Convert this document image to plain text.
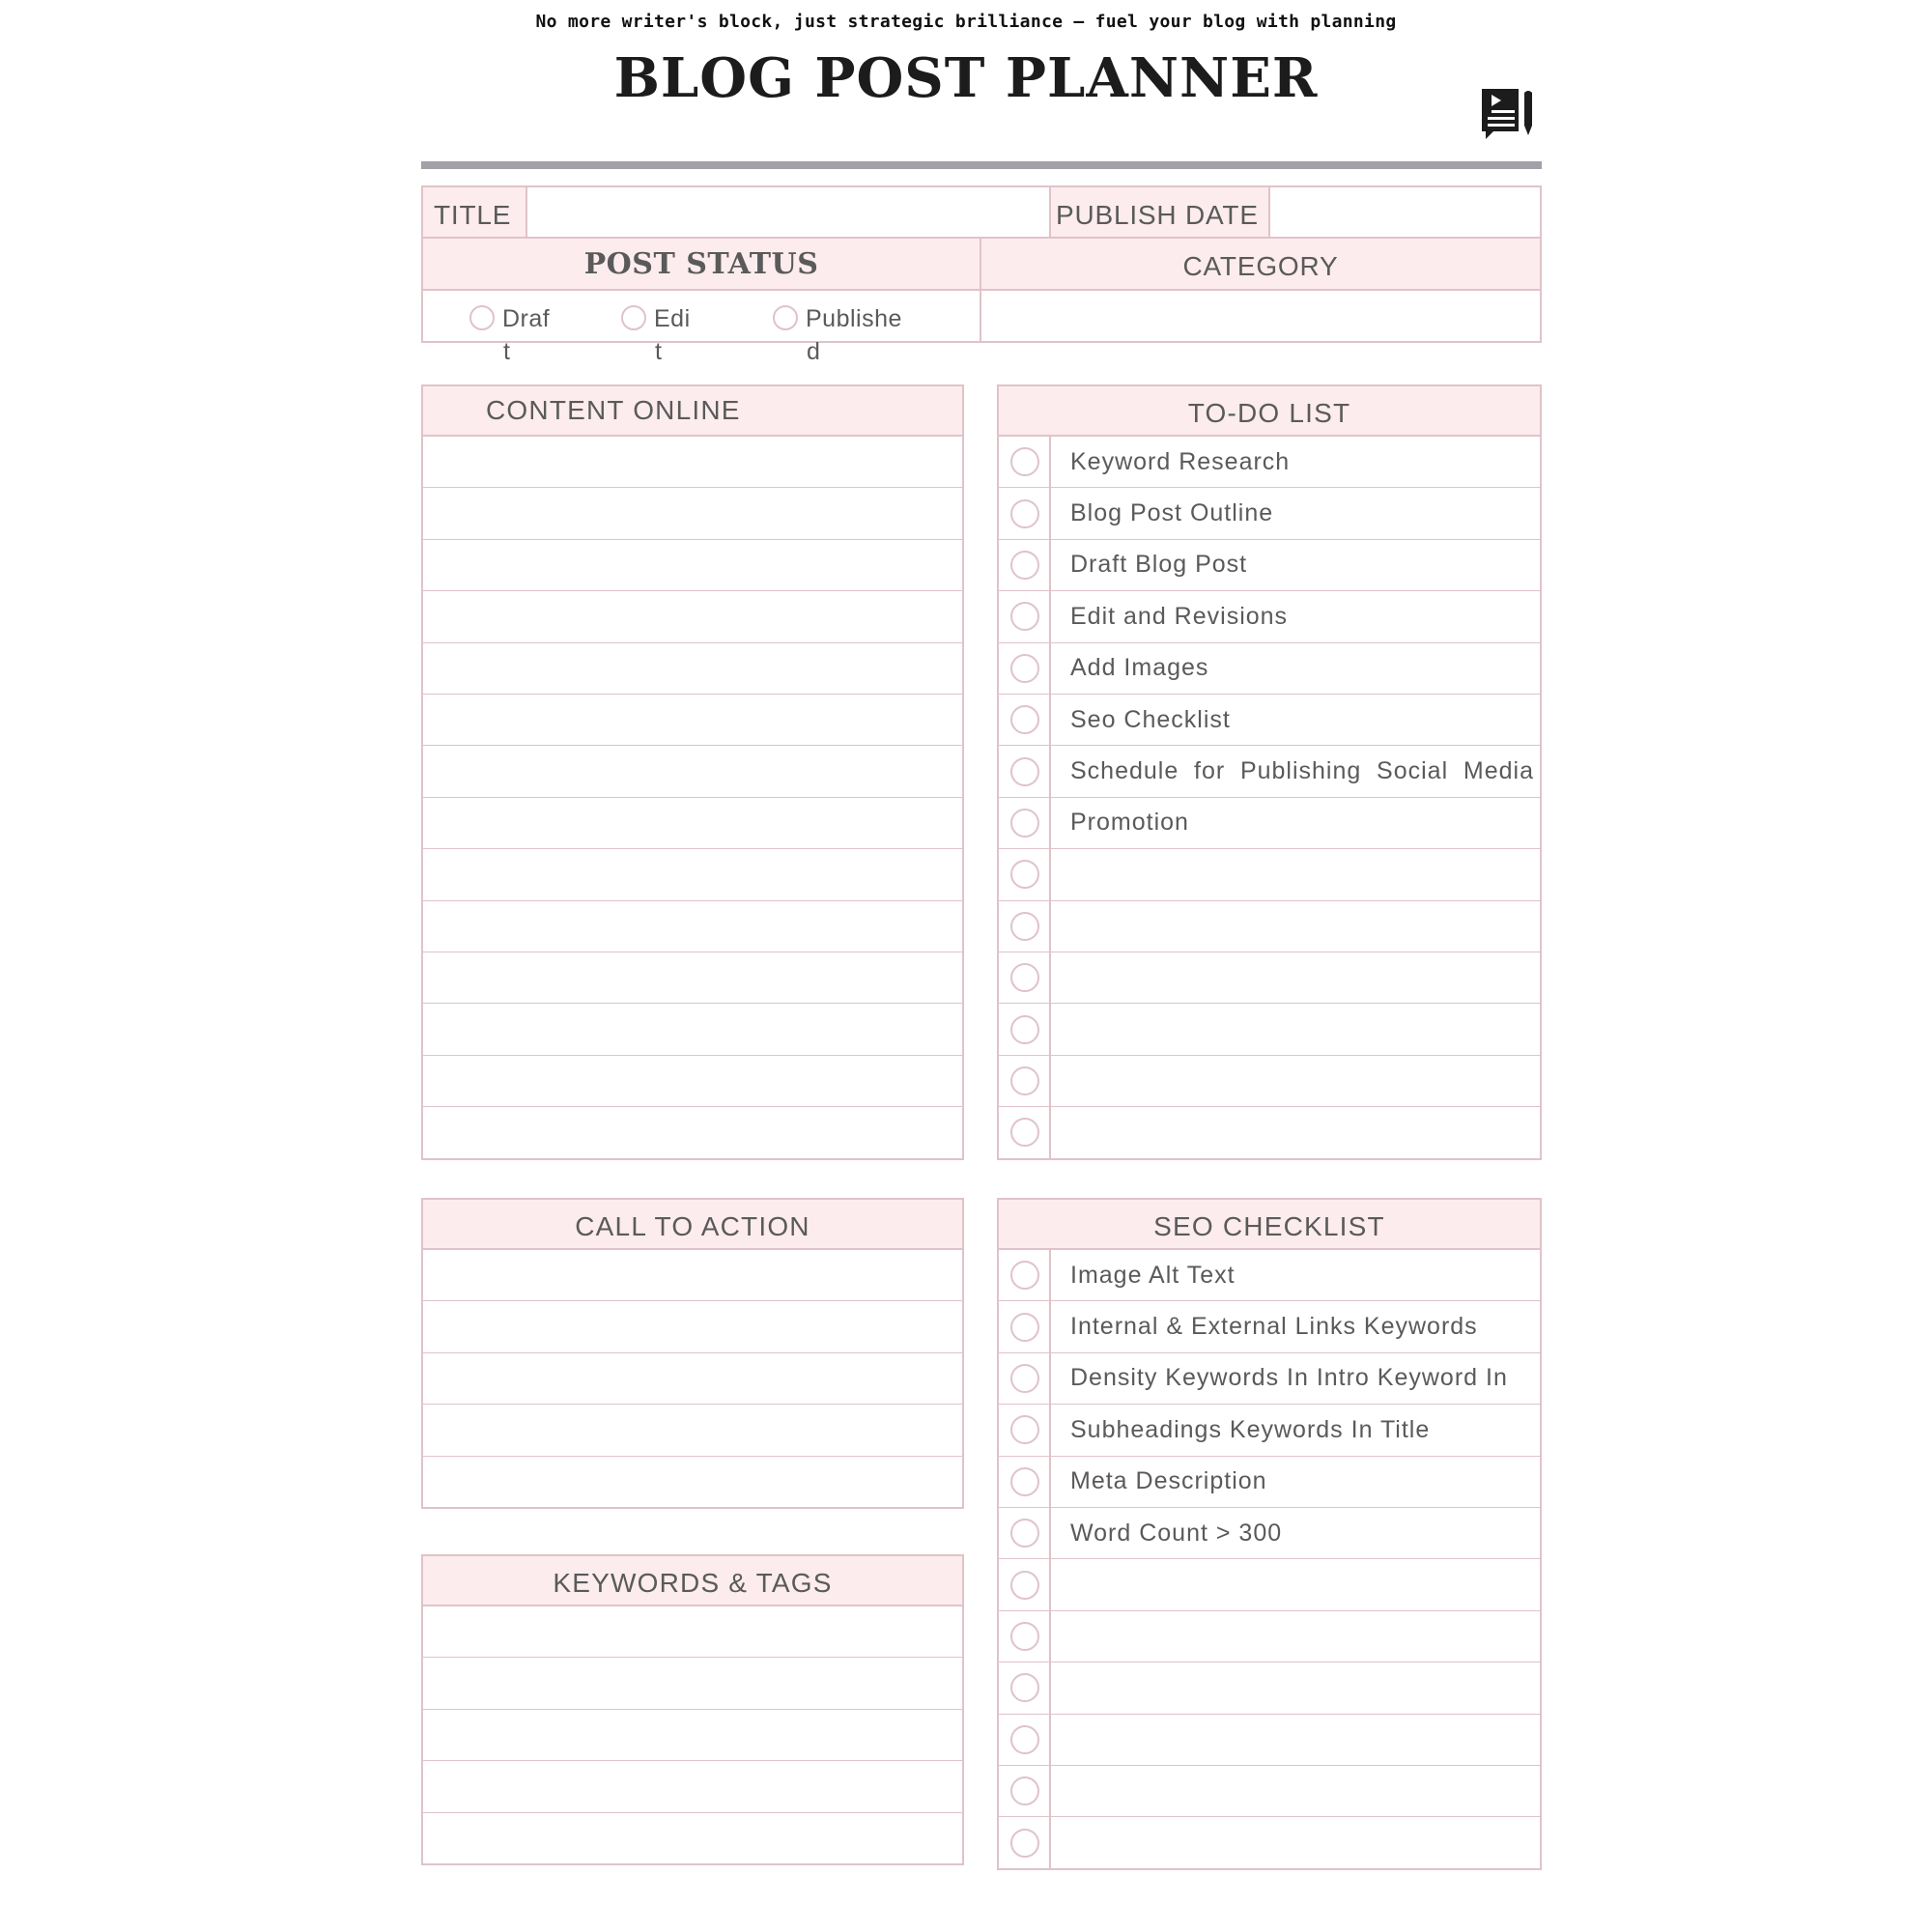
No more writer's block, just strategic brilliance – fuel your blog with planning
BLOG POST PLANNER
TITLE	PUBLISH DATE
POST STATUS	CATEGORY
Draf
t
Edi
t
Publishe
d
CONTENT ONLINE	TO-DO LIST
Keyword Research
Blog Post Outline
Draft Blog Post
Edit and Revisions
Add Images
Seo Checklist
Schedule for Publishing Social Media
Promotion
CALL TO ACTION	SEO CHECKLIST
Image Alt Text
Internal & External Links Keywords
Density Keywords In Intro Keyword In
Subheadings Keywords In Title
Meta Description
Word Count > 300
KEYWORDS & TAGS
